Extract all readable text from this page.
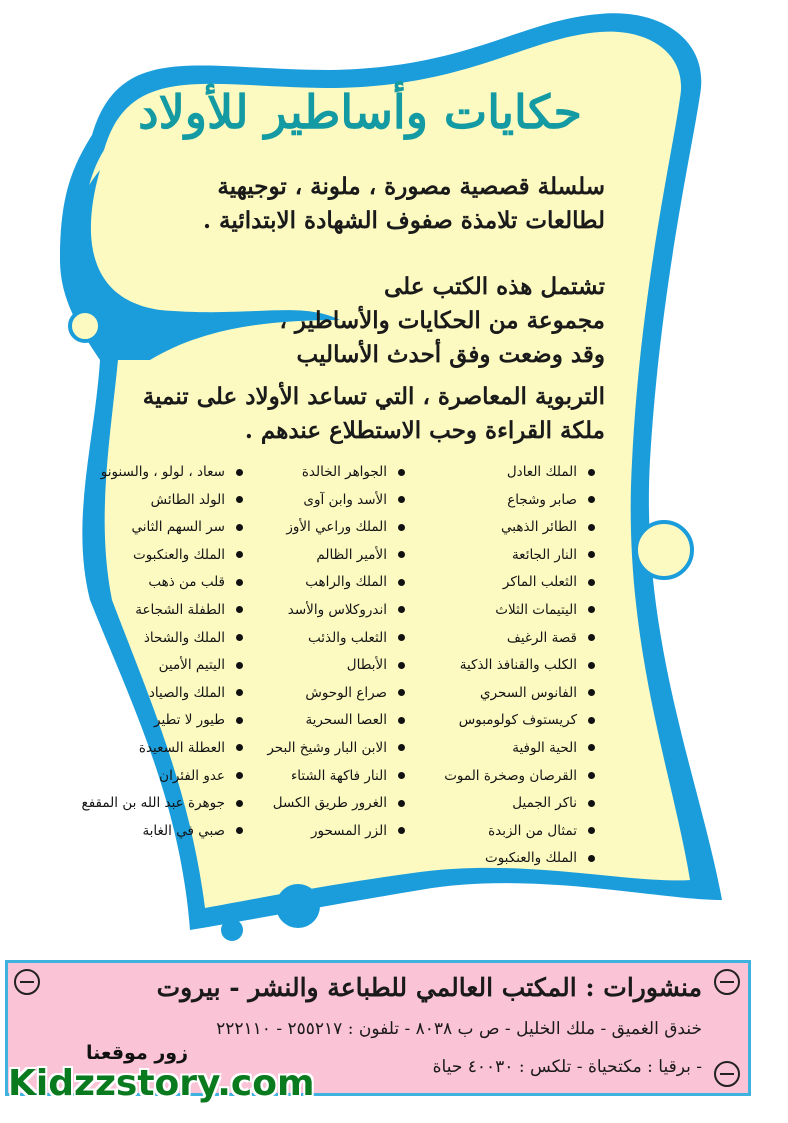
حكايات وأساطير للأولاد
سلسلة قصصية مصورة ، ملونة ، توجيهية
لطالعات تلامذة صفوف الشهادة الابتدائية .
تشتمل هذه الكتب على
مجموعة من الحكايات والأساطير ،
وقد وضعت وفق أحدث الأساليب
التربوية المعاصرة ، التي تساعد الأولاد على تنمية
ملكة القراءة وحب الاستطلاع عندهم .
الملك العادل
صابر وشجاع
الطائر الذهبي
النار الجائعة
الثعلب الماكر
اليتيمات الثلاث
قصة الرغيف
الكلب والقنافذ الذكية
الفانوس السحري
كريستوف كولومبوس
الحية الوفية
القرصان وصخرة الموت
ناكر الجميل
تمثال من الزبدة
الملك والعنكبوت
الجواهر الخالدة
الأسد وابن آوى
الملك وراعي الأوز
الأمير الظالم
الملك والراهب
اندروكلاس والأسد
الثعلب والذئب
الأبطال
صراع الوحوش
العصا السحرية
الابن البار وشيخ البحر
النار فاكهة الشتاء
الغرور طريق الكسل
الزر المسحور
سعاد ، لولو ، والسنونو
الولد الطائش
سر السهم الثاني
الملك والعنكبوت
قلب من ذهب
الطفلة الشجاعة
الملك والشحاذ
اليتيم الأمين
الملك والصياد
طيور لا تطير
العطلة السعيدة
عدو الفئران
جوهرة عبد الله بن المقفع
صبي في الغابة
منشورات : المكتب العالمي للطباعة والنشر - بيروت
خندق الغميق - ملك الخليل - ص ب ٨٠٣٨ - تلفون : ٢٥٥٢١٧ - ٢٢٢١١٠
- برقيا : مكتحياة - تلكس : ٤٠٠٣٠ حياة
زور موقعنا
Kidzzstory.com
